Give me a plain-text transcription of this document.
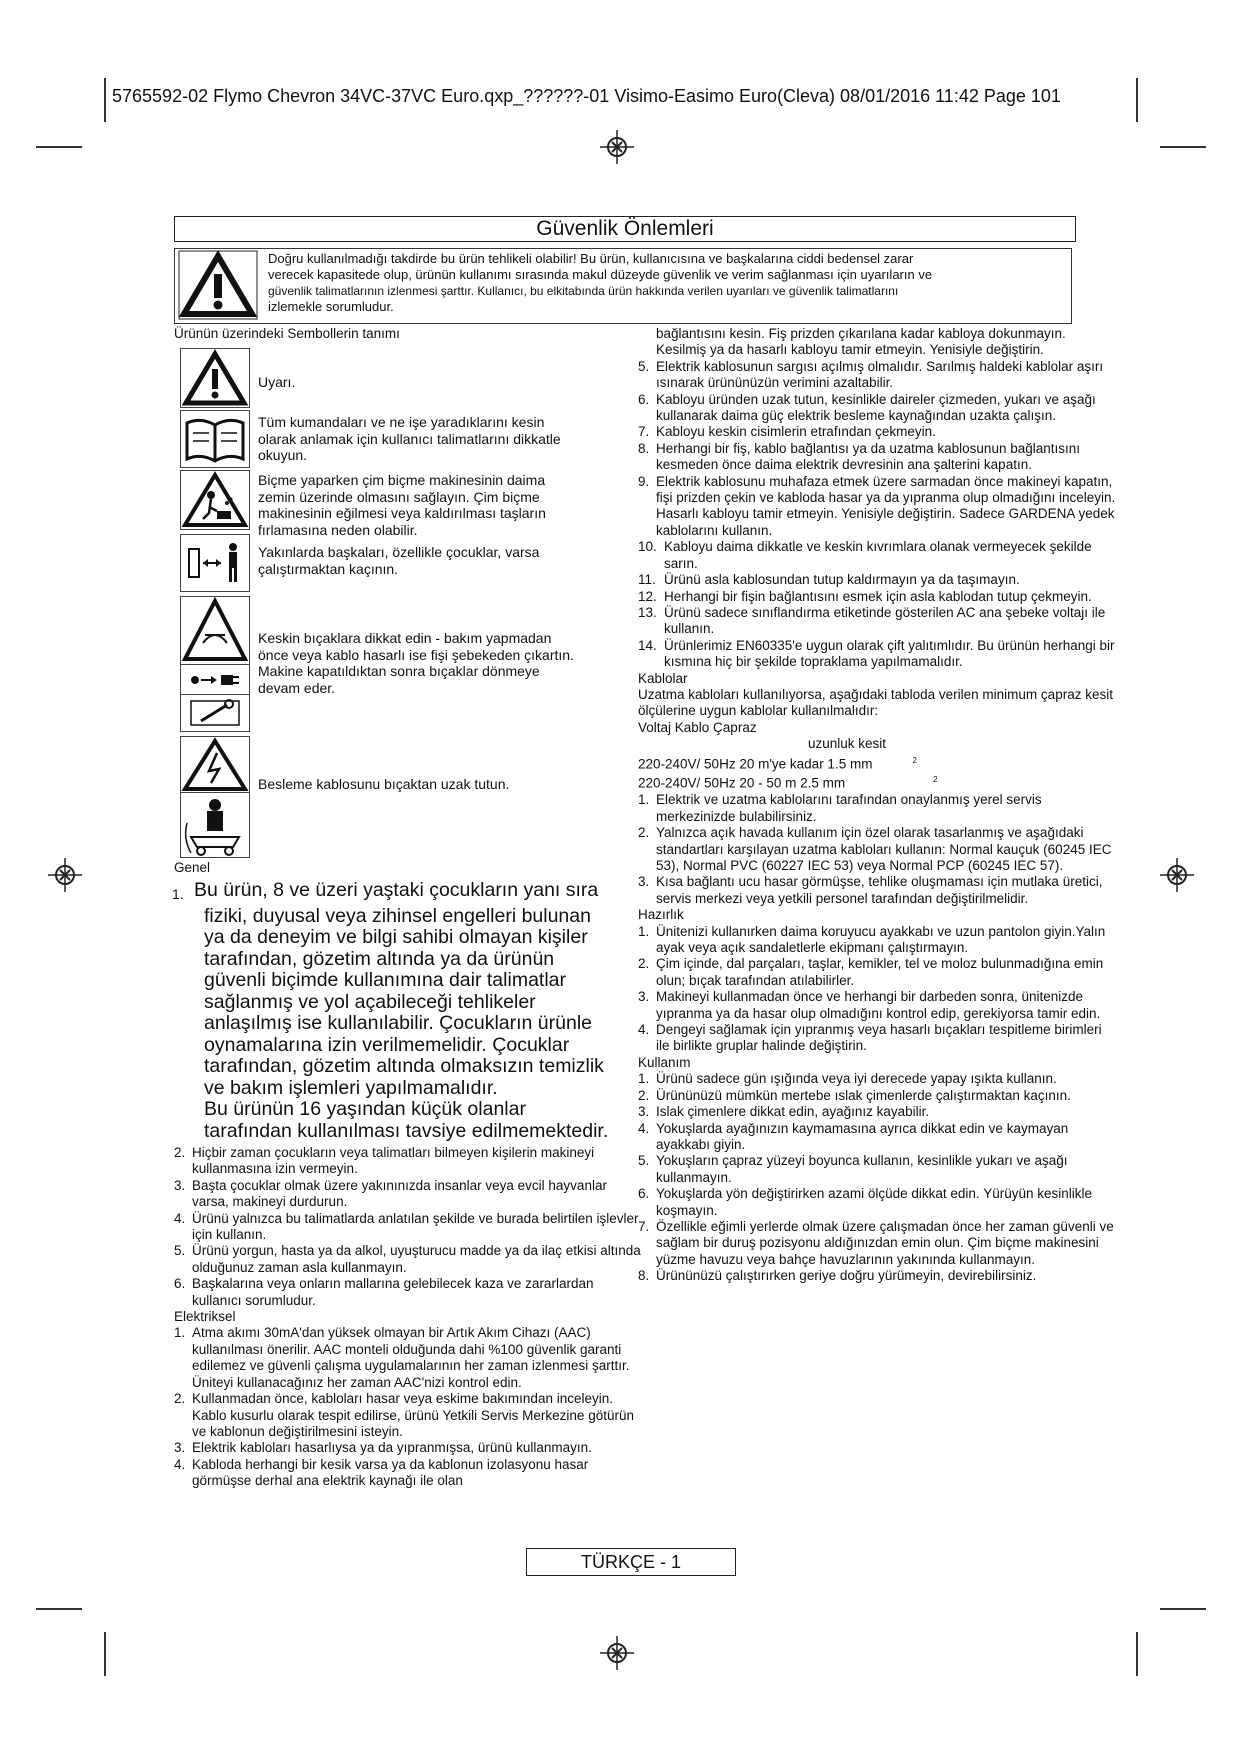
5765592-02 Flymo Chevron 34VC-37VC Euro.qxp_??????-01 Visimo-Easimo Euro(Cleva) 08/01/2016 11:42 Page 101
Güvenlik Önlemleri
Doğru kullanılmadığı takdirde bu ürün tehlikeli olabilir! Bu ürün, kullanıcısına ve başkalarına ciddi bedensel zarar
verecek kapasitede olup, ürünün kullanımı sırasında makul düzeyde güvenlik ve verim sağlanması için uyarıların ve
güvenlik talimatlarının izlenmesi şarttır. Kullanıcı, bu elkitabında ürün hakkında verilen uyarıları ve güvenlik talimatlarını
izlemekle sorumludur.
Ürünün üzerindeki Sembollerin tanımı
Uyarı.
Tüm kumandaları ve ne işe yaradıklarını kesin
olarak anlamak için kullanıcı talimatlarını dikkatle
okuyun.
Biçme yaparken çim biçme makinesinin daima
zemin üzerinde olmasını sağlayın. Çim biçme
makinesinin eğilmesi veya kaldırılması taşların
fırlamasına neden olabilir.
Yakınlarda başkaları, özellikle çocuklar, varsa
çalıştırmaktan kaçının.
Keskin bıçaklara dikkat edin - bakım yapmadan
önce veya kablo hasarlı ise fişi şebekeden çıkartın.
Makine kapatıldıktan sonra bıçaklar dönmeye
devam eder.
Besleme kablosunu bıçaktan uzak tutun.
Genel
1. Bu ürün, 8 ve üzeri yaştaki çocukların yanı sıra
fiziki, duyusal veya zihinsel engelleri bulunan
ya da deneyim ve bilgi sahibi olmayan kişiler
tarafından, gözetim altında ya da ürünün
güvenli biçimde kullanımına dair talimatlar
sağlanmış ve yol açabileceği tehlikeler
anlaşılmış ise kullanılabilir. Çocukların ürünle
oynamalarına izin verilmemelidir. Çocuklar
tarafından, gözetim altında olmaksızın temizlik
ve bakım işlemleri yapılmamalıdır.
Bu ürünün 16 yaşından küçük olanlar
tarafından kullanılması tavsiye edilmemektedir.
2. Hiçbir zaman çocukların veya talimatları bilmeyen kişilerin makineyi kullanmasına izin vermeyin.
3. Başta çocuklar olmak üzere yakınınızda insanlar veya evcil hayvanlar varsa, makineyi durdurun.
4. Ürünü yalnızca bu talimatlarda anlatılan şekilde ve burada belirtilen işlevler için kullanın.
5. Ürünü yorgun, hasta ya da alkol, uyuşturucu madde ya da ilaç etkisi altında olduğunuz zaman asla kullanmayın.
6. Başkalarına veya onların mallarına gelebilecek kaza ve zararlardan kullanıcı sorumludur.
Elektriksel
1. Atma akımı 30mA'dan yüksek olmayan bir Artık Akım Cihazı (AAC) kullanılması önerilir. AAC monteli olduğunda dahi %100 güvenlik garanti edilemez ve güvenli çalışma uygulamalarının her zaman izlenmesi şarttır. Üniteyi kullanacağınız her zaman AAC'nizi kontrol edin.
2. Kullanmadan önce, kabloları hasar veya eskime bakımından inceleyin. Kablo kusurlu olarak tespit edilirse, ürünü Yetkili Servis Merkezine götürün ve kablonun değiştirilmesini isteyin.
3. Elektrik kabloları hasarlıysa ya da yıpranmışsa, ürünü kullanmayın.
4. Kabloda herhangi bir kesik varsa ya da kablonun izolasyonu hasar görmüşse derhal ana elektrik kaynağı ile olan
bağlantısını kesin. Fiş prizden çıkarılana kadar kabloya dokunmayın. Kesilmiş ya da hasarlı kabloyu tamir etmeyin. Yenisiyle değiştirin.
5. Elektrik kablosunun sargısı açılmış olmalıdır. Sarılmış haldeki kablolar aşırı ısınarak ürününüzün verimini azaltabilir.
6. Kabloyu üründen uzak tutun, kesinlikle daireler çizmeden, yukarı ve aşağı kullanarak daima güç elektrik besleme kaynağından uzakta çalışın.
7. Kabloyu keskin cisimlerin etrafından çekmeyin.
8. Herhangi bir fiş, kablo bağlantısı ya da uzatma kablosunun bağlantısını kesmeden önce daima elektrik devresinin ana şalterini kapatın.
9. Elektrik kablosunu muhafaza etmek üzere sarmadan önce makineyi kapatın, fişi prizden çekin ve kabloda hasar ya da yıpranma olup olmadığını inceleyin. Hasarlı kabloyu tamir etmeyin. Yenisiyle değiştirin. Sadece GARDENA yedek kablolarını kullanın.
10. Kabloyu daima dikkatle ve keskin kıvrımlara olanak vermeyecek şekilde sarın.
11. Ürünü asla kablosundan tutup kaldırmayın ya da taşımayın.
12. Herhangi bir fişin bağlantısını esmek için asla kablodan tutup çekmeyin.
13. Ürünü sadece sınıflandırma etiketinde gösterilen AC ana şebeke voltajı ile kullanın.
14. Ürünlerimiz EN60335'e uygun olarak çift yalıtımlıdır. Bu ürünün herhangi bir kısmına hiç bir şekilde topraklama yapılmamalıdır.
Kablolar
Uzatma kabloları kullanılıyorsa, aşağıdaki tabloda verilen minimum çapraz kesit ölçülerine uygun kablolar kullanılmalıdır:
Voltaj Kablo Çapraz
uzunluk kesit
220-240V/ 50Hz 20 m'ye kadar 1.5 mm	$^2$
220-240V/ 50Hz 20 - 50 m 2.5 mm	$^2$
1. Elektrik ve uzatma kablolarını tarafından onaylanmış yerel servis merkezinizde bulabilirsiniz.
2. Yalnızca açık havada kullanım için özel olarak tasarlanmış ve aşağıdaki standartları karşılayan uzatma kabloları kullanın: Normal kauçuk (60245 IEC 53), Normal PVC (60227 IEC 53) veya Normal PCP (60245 IEC 57).
3. Kısa bağlantı ucu hasar görmüşse, tehlike oluşmaması için mutlaka üretici, servis merkezi veya yetkili personel tarafından değiştirilmelidir.
Hazırlık
1. Ünitenizi kullanırken daima koruyucu ayakkabı ve uzun pantolon giyin.Yalın ayak veya açık sandaletlerle ekipmanı çalıştırmayın.
2. Çim içinde, dal parçaları, taşlar, kemikler, tel ve moloz bulunmadığına emin olun; bıçak tarafından atılabilirler.
3. Makineyi kullanmadan önce ve herhangi bir darbeden sonra, ünitenizde yıpranma ya da hasar olup olmadığını kontrol edip, gerekiyorsa tamir edin.
4. Dengeyi sağlamak için yıpranmış veya hasarlı bıçakları tespitleme birimleri ile birlikte gruplar halinde değiştirin.
Kullanım
1. Ürünü sadece gün ışığında veya iyi derecede yapay ışıkta kullanın.
2. Ürününüzü mümkün mertebe ıslak çimenlerde çalıştırmaktan kaçının.
3. Islak çimenlere dikkat edin, ayağınız kayabilir.
4. Yokuşlarda ayağınızın kaymamasına ayrıca dikkat edin ve kaymayan ayakkabı giyin.
5. Yokuşların çapraz yüzeyi boyunca kullanın, kesinlikle yukarı ve aşağı kullanmayın.
6. Yokuşlarda yön değiştirirken azami ölçüde dikkat edin. Yürüyün kesinlikle koşmayın.
7. Özellikle eğimli yerlerde olmak üzere çalışmadan önce her zaman güvenli ve sağlam bir duruş pozisyonu aldığınızdan emin olun. Çim biçme makinesini yüzme havuzu veya bahçe havuzlarının yakınında kullanmayın.
8. Ürününüzü çalıştırırken geriye doğru yürümeyin, devirebilirsiniz.
TÜRKÇE - 1
